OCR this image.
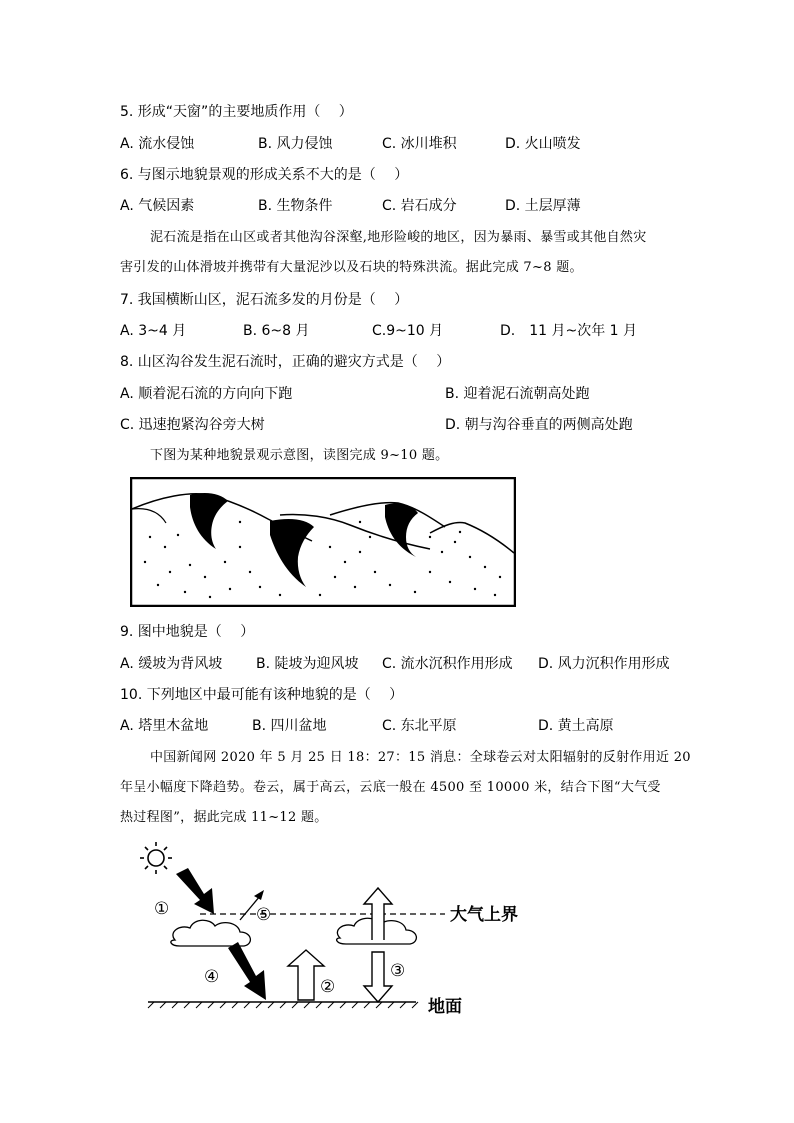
5. 形成“天窗”的主要地质作用（　 ）
A. 流水侵蚀	B. 风力侵蚀	C. 冰川堆积	D. 火山喷发
6. 与图示地貌景观的形成关系不大的是（　 ）
A. 气候因素	B. 生物条件	C. 岩石成分	D. 土层厚薄
泥石流是指在山区或者其他沟谷深壑,地形险峻的地区，因为暴雨、暴雪或其他自然灾
害引发的山体滑坡并携带有大量泥沙以及石块的特殊洪流。据此完成 7~8 题。
7. 我国横断山区，泥石流多发的月份是（　 ）
A. 3~4 月	B. 6~8 月	C.9~10 月	D.　11 月~次年 1 月
8. 山区沟谷发生泥石流时，正确的避灾方式是（　 ）
A. 顺着泥石流的方向向下跑	B. 迎着泥石流朝高处跑
C. 迅速抱紧沟谷旁大树	D. 朝与沟谷垂直的两侧高处跑
下图为某种地貌景观示意图，读图完成 9~10 题。
9. 图中地貌是（　 ）
A. 缓坡为背风坡 B. 陡坡为迎风坡 C. 流水沉积作用形成 D. 风力沉积作用形成
10. 下列地区中最可能有该种地貌的是（　 ）
A. 塔里木盆地	B. 四川盆地	C. 东北平原	D. 黄土高原
中国新闻网 2020 年 5 月 25 日 18：27：15 消息：全球卷云对太阳辐射的反射作用近 20
年呈小幅度下降趋势。卷云，属于高云，云底一般在 4500 至 10000 米，结合下图“大气受
热过程图”，据此完成 11~12 题。
①
②
③
④
⑤	大气上界
地面
